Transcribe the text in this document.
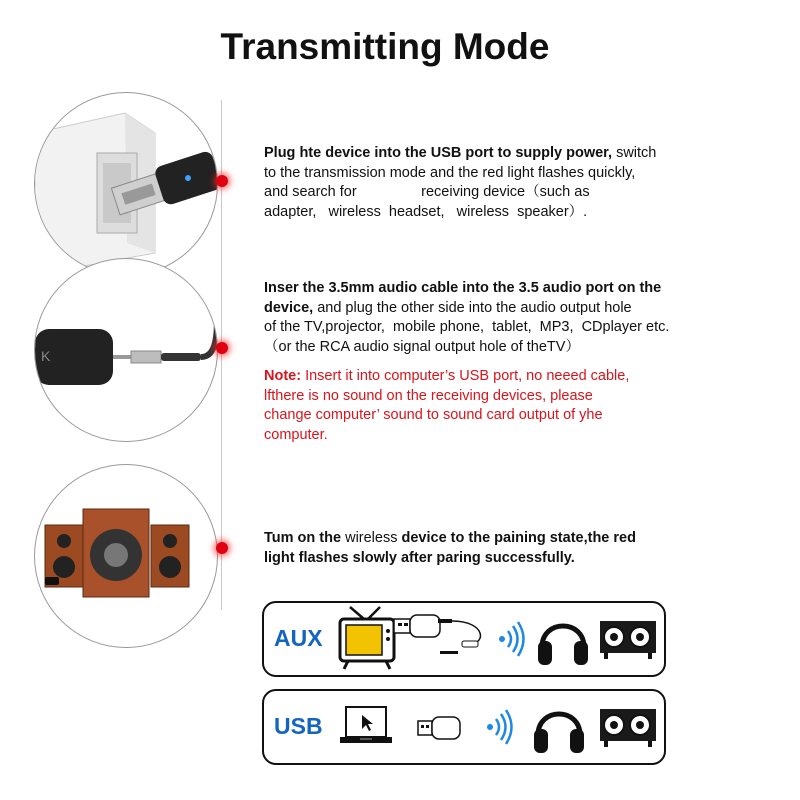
Transmitting Mode
K
Plug hte device into the USB port to supply power, switch
to the transmission mode and the red light flashes quickly,
and search for                receiving device（such as
adapter,   wireless  headset,   wireless  speaker）.
Inser the 3.5mm audio cable into the 3.5 audio port on the
device, and plug the other side into the audio output hole
of the TV,projector,  mobile phone,  tablet,  MP3,  CDplayer etc.
（or the RCA audio signal output hole of theTV）
Note: Insert it into computer’s USB port, no neeed cable,
lfthere is no sound on the receiving devices, please
change computer’ sound to sound card output of yhe
computer.
Tum on the wireless device to the paining state,the red
light flashes slowly after paring successfully.
AUX
USB
